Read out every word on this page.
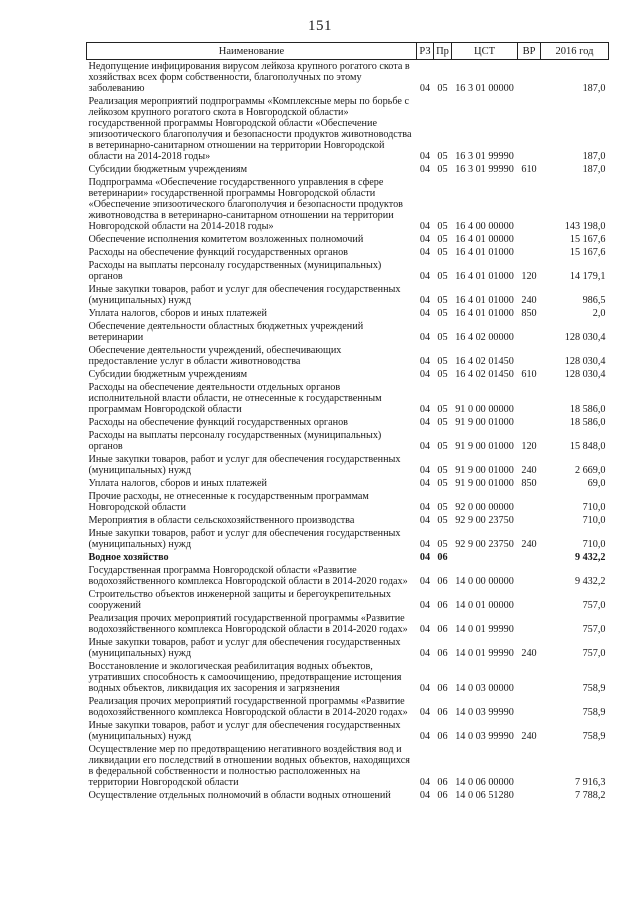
151
Наименование	РЗ	Пр	ЦСТ	ВР	2016 год
Недопущение инфицирования вирусом лейкоза крупного рогатого скота в хозяйствах всех форм собственности, благополучных по этому заболеванию	04	05	16 3 01 00000		187,0
Реализация мероприятий подпрограммы «Комплексные меры по борьбе с лейкозом крупного рогатого скота в Новгородской области» государственной программы Новгородской области «Обеспечение эпизоотического благополучия и безопасности продуктов животноводства в ветеринарно-санитарном отношении на территории Новгородской области на 2014-2018 годы»	04	05	16 3 01 99990		187,0
Субсидии бюджетным учреждениям	04	05	16 3 01 99990	610	187,0
Подпрограмма «Обеспечение государственного управления в сфере ветеринарии» государственной программы Новгородской области «Обеспечение эпизоотического благополучия и безопасности продуктов животноводства в ветеринарно-санитарном отношении на территории Новгородской области на 2014-2018 годы»	04	05	16 4 00 00000		143 198,0
Обеспечение исполнения комитетом возложенных полномочий	04	05	16 4 01 00000		15 167,6
Расходы на обеспечение функций государственных органов	04	05	16 4 01 01000		15 167,6
Расходы на выплаты персоналу государственных (муниципальных) органов	04	05	16 4 01 01000	120	14 179,1
Иные закупки товаров, работ и услуг для обеспечения государственных (муниципальных) нужд	04	05	16 4 01 01000	240	986,5
Уплата налогов, сборов и иных платежей	04	05	16 4 01 01000	850	2,0
Обеспечение деятельности областных бюджетных учреждений ветеринарии	04	05	16 4 02 00000		128 030,4
Обеспечение деятельности учреждений, обеспечивающих предоставление услуг в области животноводства	04	05	16 4 02 01450		128 030,4
Субсидии бюджетным учреждениям	04	05	16 4 02 01450	610	128 030,4
Расходы на обеспечение деятельности отдельных органов исполнительной власти области, не отнесенные к государственным программам Новгородской области	04	05	91 0 00 00000		18 586,0
Расходы на обеспечение функций государственных органов	04	05	91 9 00 01000		18 586,0
Расходы на выплаты персоналу государственных (муниципальных) органов	04	05	91 9 00 01000	120	15 848,0
Иные закупки товаров, работ и услуг для обеспечения государственных (муниципальных) нужд	04	05	91 9 00 01000	240	2 669,0
Уплата налогов, сборов и иных платежей	04	05	91 9 00 01000	850	69,0
Прочие расходы, не отнесенные к государственным программам Новгородской области	04	05	92 0 00 00000		710,0
Мероприятия в области сельскохозяйственного производства	04	05	92 9 00 23750		710,0
Иные закупки товаров, работ и услуг для обеспечения государственных (муниципальных) нужд	04	05	92 9 00 23750	240	710,0
Водное хозяйство	04	06			9 432,2
Государственная программа Новгородской области «Развитие водохозяйственного комплекса Новгородской области в 2014-2020 годах»	04	06	14 0 00 00000		9 432,2
Строительство объектов инженерной защиты и берегоукрепительных сооружений	04	06	14 0 01 00000		757,0
Реализация прочих мероприятий государственной программы «Развитие водохозяйственного комплекса Новгородской области в 2014-2020 годах»	04	06	14 0 01 99990		757,0
Иные закупки товаров, работ и услуг для обеспечения государственных (муниципальных) нужд	04	06	14 0 01 99990	240	757,0
Восстановление и экологическая реабилитация водных объектов, утративших способность к самоочищению, предотвращение истощения водных объектов, ликвидация их засорения и загрязнения	04	06	14 0 03 00000		758,9
Реализация прочих мероприятий государственной программы «Развитие водохозяйственного комплекса Новгородской области в 2014-2020 годах»	04	06	14 0 03 99990		758,9
Иные закупки товаров, работ и услуг для обеспечения государственных (муниципальных) нужд	04	06	14 0 03 99990	240	758,9
Осуществление мер по предотвращению негативного воздействия вод и ликвидации его последствий в отношении водных объектов, находящихся в федеральной собственности и полностью расположенных на территории Новгородской области	04	06	14 0 06 00000		7 916,3
Осуществление отдельных полномочий в области водных отношений	04	06	14 0 06 51280		7 788,2
